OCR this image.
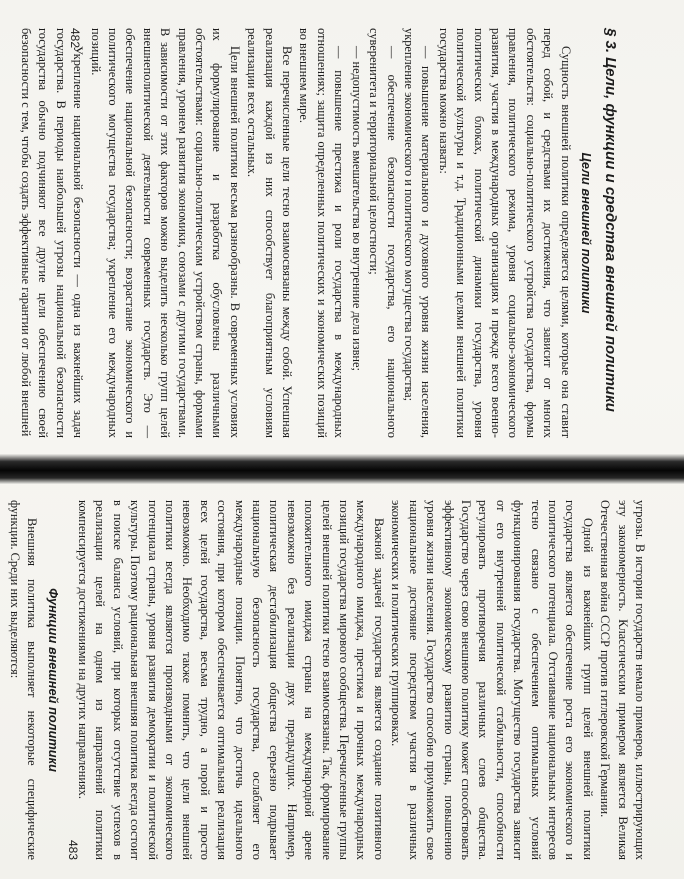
§ 3. Цели, функции и средства внешней политики
Цели внешней политики

Сущность внешней политики определяется целями, которые она ставит перед собой, и средствами их достижения, что зависит от многих обстоятельств: социально-политического устройства государства, формы правления, политического режима, уровня социально-экономического развития, участия в международных организациях и прежде всего военно-политических блоках, политической динамики государства, уровня политической культуры и т.д. Традиционными целями внешней политики государства можно назвать:

— повышение материального и духовного уровня жизни населения, укрепление экономического и политического могущества государства;

— обеспечение безопасности государства, его национального суверенитета и территориальной целостности;

— недопустимость вмешательства во внутренние дела извне;

— повышение престижа и роли государства в международных отношениях; защита определенных политических и экономических позиций во внешнем мире.

Все перечисленные цели тесно взаимосвязаны между собой. Успешная реализация каждой из них способствует благоприятным условиям реализации всех остальных.

Цели внешней политики весьма разнообразны. В современных условиях их формулирование и разработка обусловлены различными обстоятельствами: социально-политическим устройством страны, формами правления, уровнем развития экономики, союзами с другими государствами. В зависимости от этих факторов можно выделить несколько групп целей внешнеполитической деятельности современных государств. Это — обеспечение национальной безопасности; возрастание экономического и политического могущества государства; укрепление его международных позиций.

Укрепление национальной безопасности — одна из важнейших задач государства. В периоды наибольшей угрозы национальной безопасности государства обычно подчиняют все другие цели обеспечению своей безопасности с тем, чтобы создать эффективные гарантии от любой внешней	482

угрозы. В истории государств немало примеров, иллюстрирующих эту закономерность. Классическим примером является Великая Отечественная война СССР против гитлеровской Германии.

Одной из важнейших групп целей внешней политики государства является обеспечение роста его экономического и политического потенциала. Отстаивание национальных интересов тесно связано с обеспечением оптимальных условий функционирования государства. Могущество государства зависит от его внутренней политической стабильности, способности регулировать противоречия различных слоев общества. Государство через свою внешнюю политику может способствовать эффективному экономическому развитию страны, повышению уровня жизни населения. Государство способно приумножить свое национальное достояние посредством участия в различных экономических и политических группировках.

Важной задачей государства является создание позитивного международного имиджа, престижа и прочных международных позиций государства мирового сообщества. Перечисленные группы целей внешней политики тесно взаимосвязаны. Так, формирование положительного имиджа страны на международной арене невозможно без реализации двух предыдущих. Например, политическая дестабилизация общества серьезно подрывает национальную безопасность государства, ослабляет его международные позиции. Понятно, что достичь идеального состояния, при котором обеспечивается оптимальная реализация всех целей государства, весьма трудно, а порой и просто невозможно. Необходимо также помнить, что цели внешней политики всегда являются производными от экономического потенциала страны, уровня развития демократии и политической культуры. Поэтому рациональная внешняя политика всегда состоит в поиске баланса условий, при которых отсутствие успехов в реализации целей на одном из направлений политики компенсируется достижениями на других направлениях.

Функции внешней политики

Внешняя политика выполняет некоторые специфические функции. Среди них выделяются:

483
